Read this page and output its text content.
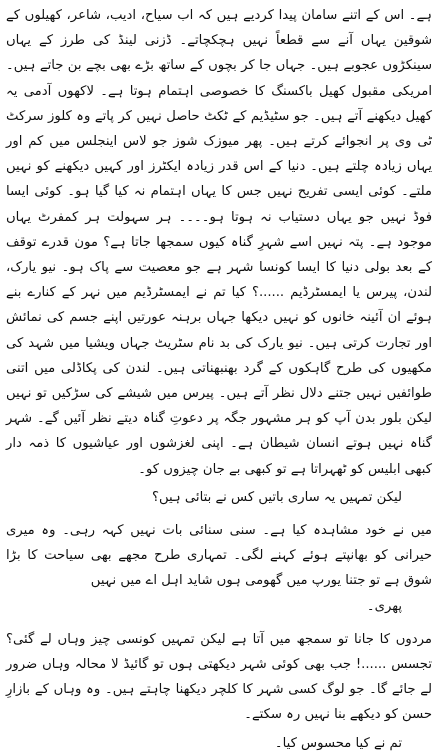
ہے۔ اس کے اتنے سامان پیدا کردیے ہیں کہ اب سیاح، ادیب، شاعر، کھیلوں کے شوقین یہاں آنے سے قطعاً نہیں ہچکچاتے۔ ڈزنی لینڈ کی طرز کے یہاں سینکڑوں عجوبے ہیں۔ جہاں جا کر بچوں کے ساتھ بڑے بھی بچے بن جاتے ہیں۔ امریکی مقبول کھیل باکسنگ کا خصوصی اہتمام ہوتا ہے۔ لاکھوں آدمی یہ کھیل دیکھنے آتے ہیں۔ جو سٹیڈیم کے ٹکٹ حاصل نہیں کر پاتے وہ کلوز سرکٹ ٹی وی پر انجوائے کرتے ہیں۔ پھر میوزک شوز جو لاس اینجلس میں کم اور یہاں زیادہ چلتے ہیں۔ دنیا کے اس قدر زیادہ ایکٹرز اور کہیں دیکھنے کو نہیں ملتے۔ کوئی ایسی تفریح نہیں جس کا یہاں اہتمام نہ کیا گیا ہو۔ کوئی ایسا فوڈ نہیں جو یہاں دستیاب نہ ہوتا ہو۔۔۔۔ ہر سہولت ہر کمفرٹ یہاں موجود ہے۔ پتہ نہیں اسے شہرِ گناہ کیوں سمجھا جاتا ہے؟ مون قدرے توقف کے بعد بولی دنیا کا ایسا کونسا شہر ہے جو معصیت سے پاک ہو۔ نیو یارک، لندن، پیرس یا ایمسٹرڈیم ......؟ کیا تم نے ایمسٹرڈیم میں نہر کے کنارے بنے ہوئے ان آئینہ خانوں کو نہیں دیکھا جہاں برہنہ عورتیں اپنے جسم کی نمائش اور تجارت کرتی ہیں۔ نیو یارک کی بد نام سٹریٹ جہاں ویشیا میں شہد کی مکھیوں کی طرح گاہکوں کے گرد بھنبھناتی ہیں۔ لندن کی پکاڈلی میں اتنی طوائفیں نہیں جتنے دلال نظر آتے ہیں۔ پیرس میں شیشے کی سڑکیں تو نہیں لیکن بلور بدن آپ کو ہر مشہور جگہ پر دعوتِ گناہ دیتے نظر آئیں گے۔ شہر گناہ نہیں ہوتے انسان شیطان ہے۔ اپنی لغزشوں اور عیاشیوں کا ذمہ دار کبھی ابلیس کو ٹھہراتا ہے تو کبھی بے جان چیزوں کو۔

لیکن تمہیں یہ ساری باتیں کس نے بتائی ہیں؟

میں نے خود مشاہدہ کیا ہے۔ سنی سنائی بات نہیں کہہ رہی۔ وہ میری حیرانی کو بھانپتے ہوئے کہنے لگی۔ تمہاری طرح مجھے بھی سیاحت کا بڑا شوق ہے تو جتنا یورپ میں گھومی ہوں شاید اہل اے میں نہیں

پھری۔

مردوں کا جانا تو سمجھ میں آتا ہے لیکن تمہیں کونسی چیز وہاں لے گئی؟ تجسس ......! جب بھی کوئی شہر دیکھتی ہوں تو گائیڈ لا محالہ وہاں ضرور لے جائے گا۔ جو لوگ کسی شہر کا کلچر دیکھنا چاہتے ہیں۔ وہ وہاں کے بازارِ حسن کو دیکھے بنا نہیں رہ سکتے۔

تم نے کیا محسوس کیا۔
